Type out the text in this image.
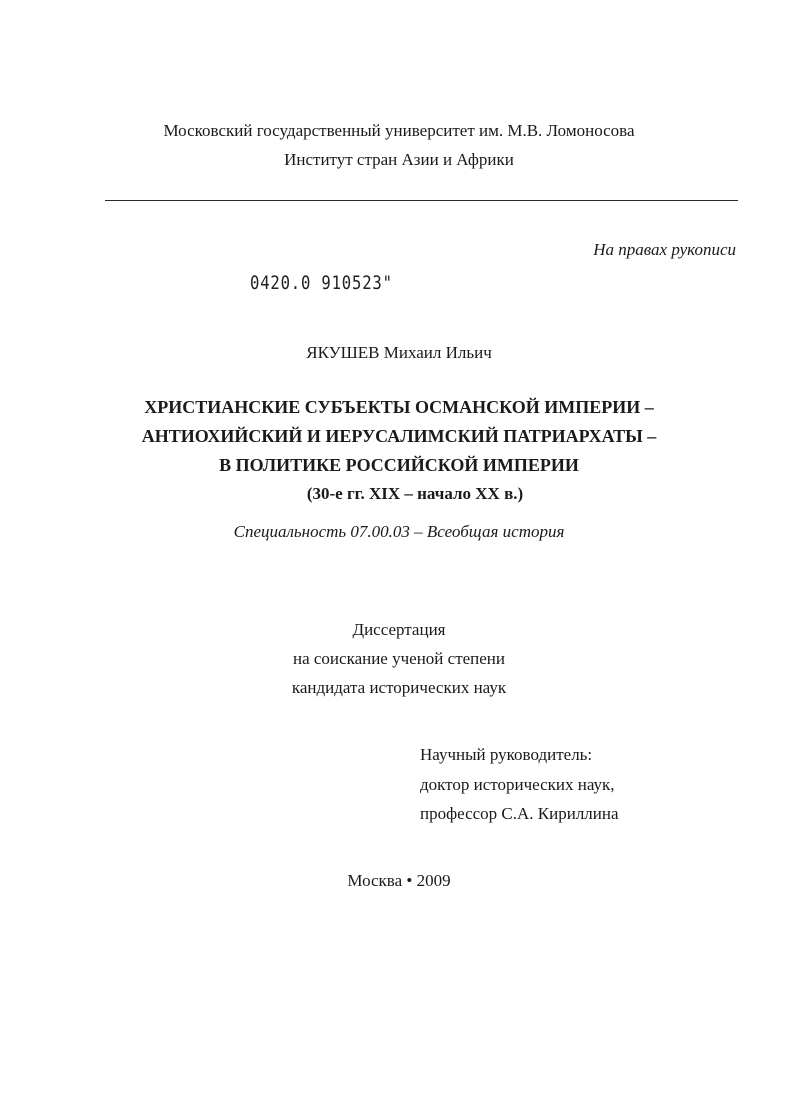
Московский государственный университет им. М.В. Ломоносова
Институт стран Азии и Африки
На правах рукописи
0420.0 910523"
ЯКУШЕВ Михаил Ильич
ХРИСТИАНСКИЕ СУБЪЕКТЫ ОСМАНСКОЙ ИМПЕРИИ –
АНТИОХИЙСКИЙ И ИЕРУСАЛИМСКИЙ ПАТРИАРХАТЫ –
В ПОЛИТИКЕ РОССИЙСКОЙ ИМПЕРИИ
(30-е гг. XIX – начало XX в.)
Специальность 07.00.03 – Всеобщая история
Диссертация
на соискание ученой степени
кандидата исторических наук
Научный руководитель:
доктор исторических наук,
профессор С.А. Кириллина
Москва • 2009
